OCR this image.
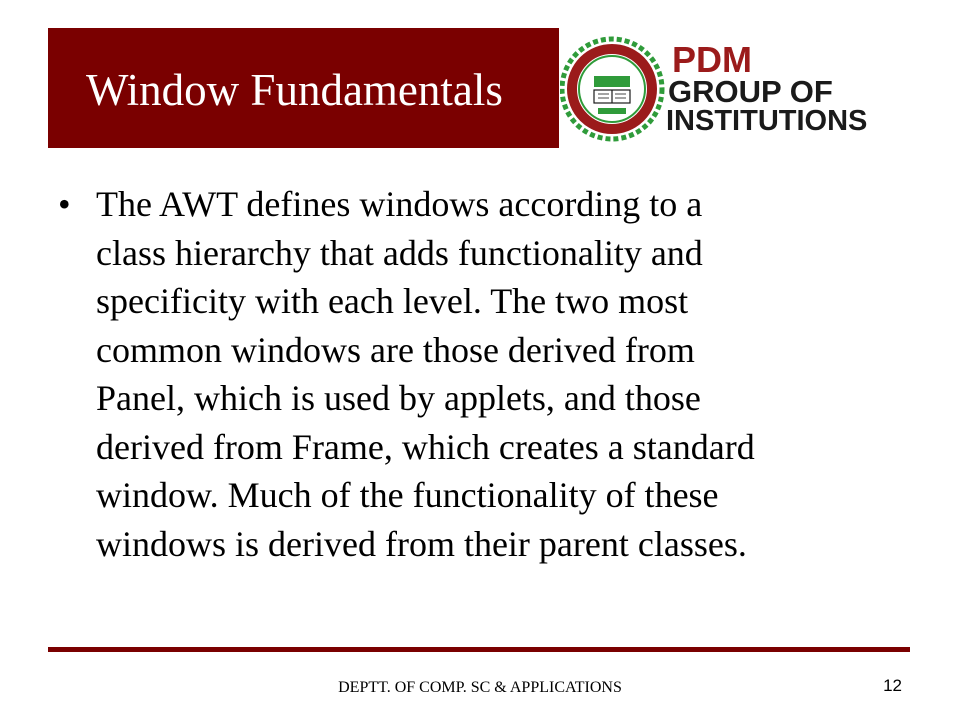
Window Fundamentals
PDM
GROUP OF
INSTITUTIONS
• The AWT defines windows according to a
class hierarchy that adds functionality and
specificity with each level. The two most
common windows are those derived from
Panel, which is used by applets, and those
derived from Frame, which creates a standard
window. Much of the functionality of these
windows is derived from their parent classes.
DEPTT. OF COMP. SC & APPLICATIONS	12
